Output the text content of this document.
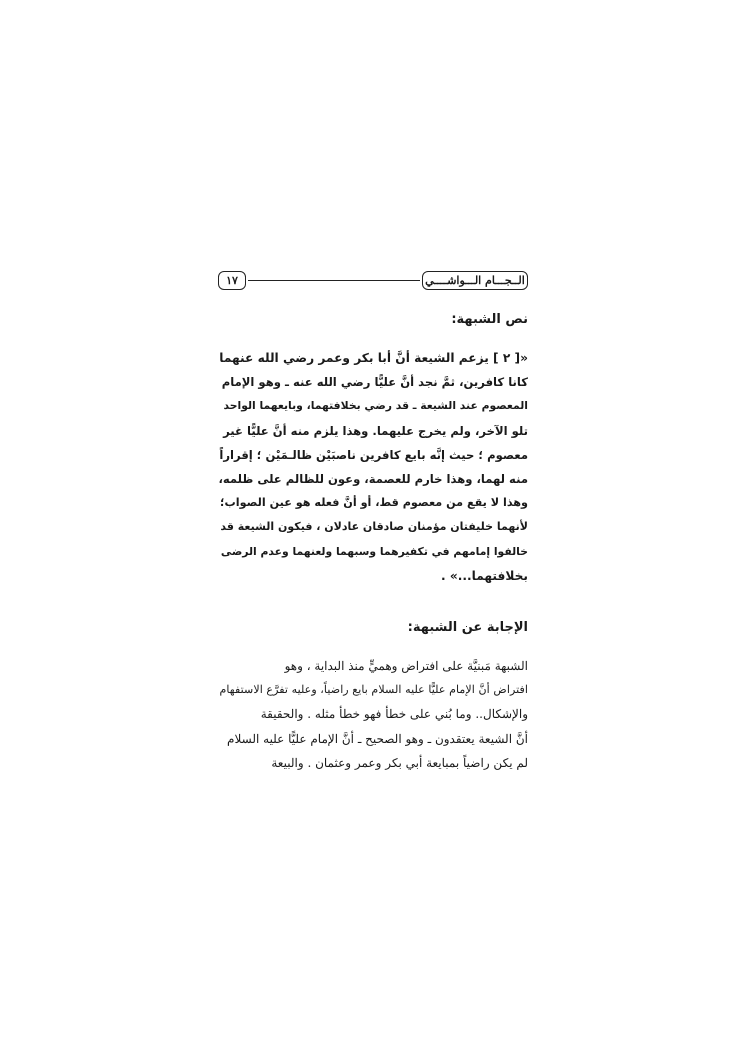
الــجـــام الـــواشــــي
١٧
نص الشبهة:

«[ ٢ ] يزعم الشيعة أنَّ أبا بكر وعمر رضي الله عنهما

كانا كافرين، ثمَّ نجد أنَّ عليًّا رضي الله عنه ـ وهو الإمام

المعصوم عند الشيعة ـ قد رضي بخلافتهما، وبايعهما الواحد

تلو الآخر، ولم يخرج عليهما. وهذا يلزم منه أنَّ عليًّا غير

معصوم ؛ حيث إنَّه بايع كافرين ناصبَيْن ظالـمَيْن ؛ إقراراً

منه لهما، وهذا خارم للعصمة، وعون للظالم على ظلمه،

وهذا لا يقع من معصوم قط، أو أنَّ فعله هو عين الصواب؛

لأنهما خليفتان مؤمنان صادقان عادلان ، فيكون الشيعة قد

خالفوا إمامهم في تكفيرهما وسبهما ولعنهما وعدم الرضى

بخلافتهما...» .

الإجابة عن الشبهة:

الشبهة مَبنيَّة على افتراض وهميٍّ منذ البداية ، وهو

افتراض أنَّ الإمام عليًّا عليه السلام بايع راضياً، وعليه تفرَّع الاستفهام

والإشكال.. وما بُني على خطأ فهو خطأ مثله . والحقيقة

أنَّ الشيعة يعتقدون ـ وهو الصحيح ـ أنَّ الإمام عليًّا عليه السلام

لم يكن راضياً بمبايعة أبي بكر وعمر وعثمان . والبيعة
